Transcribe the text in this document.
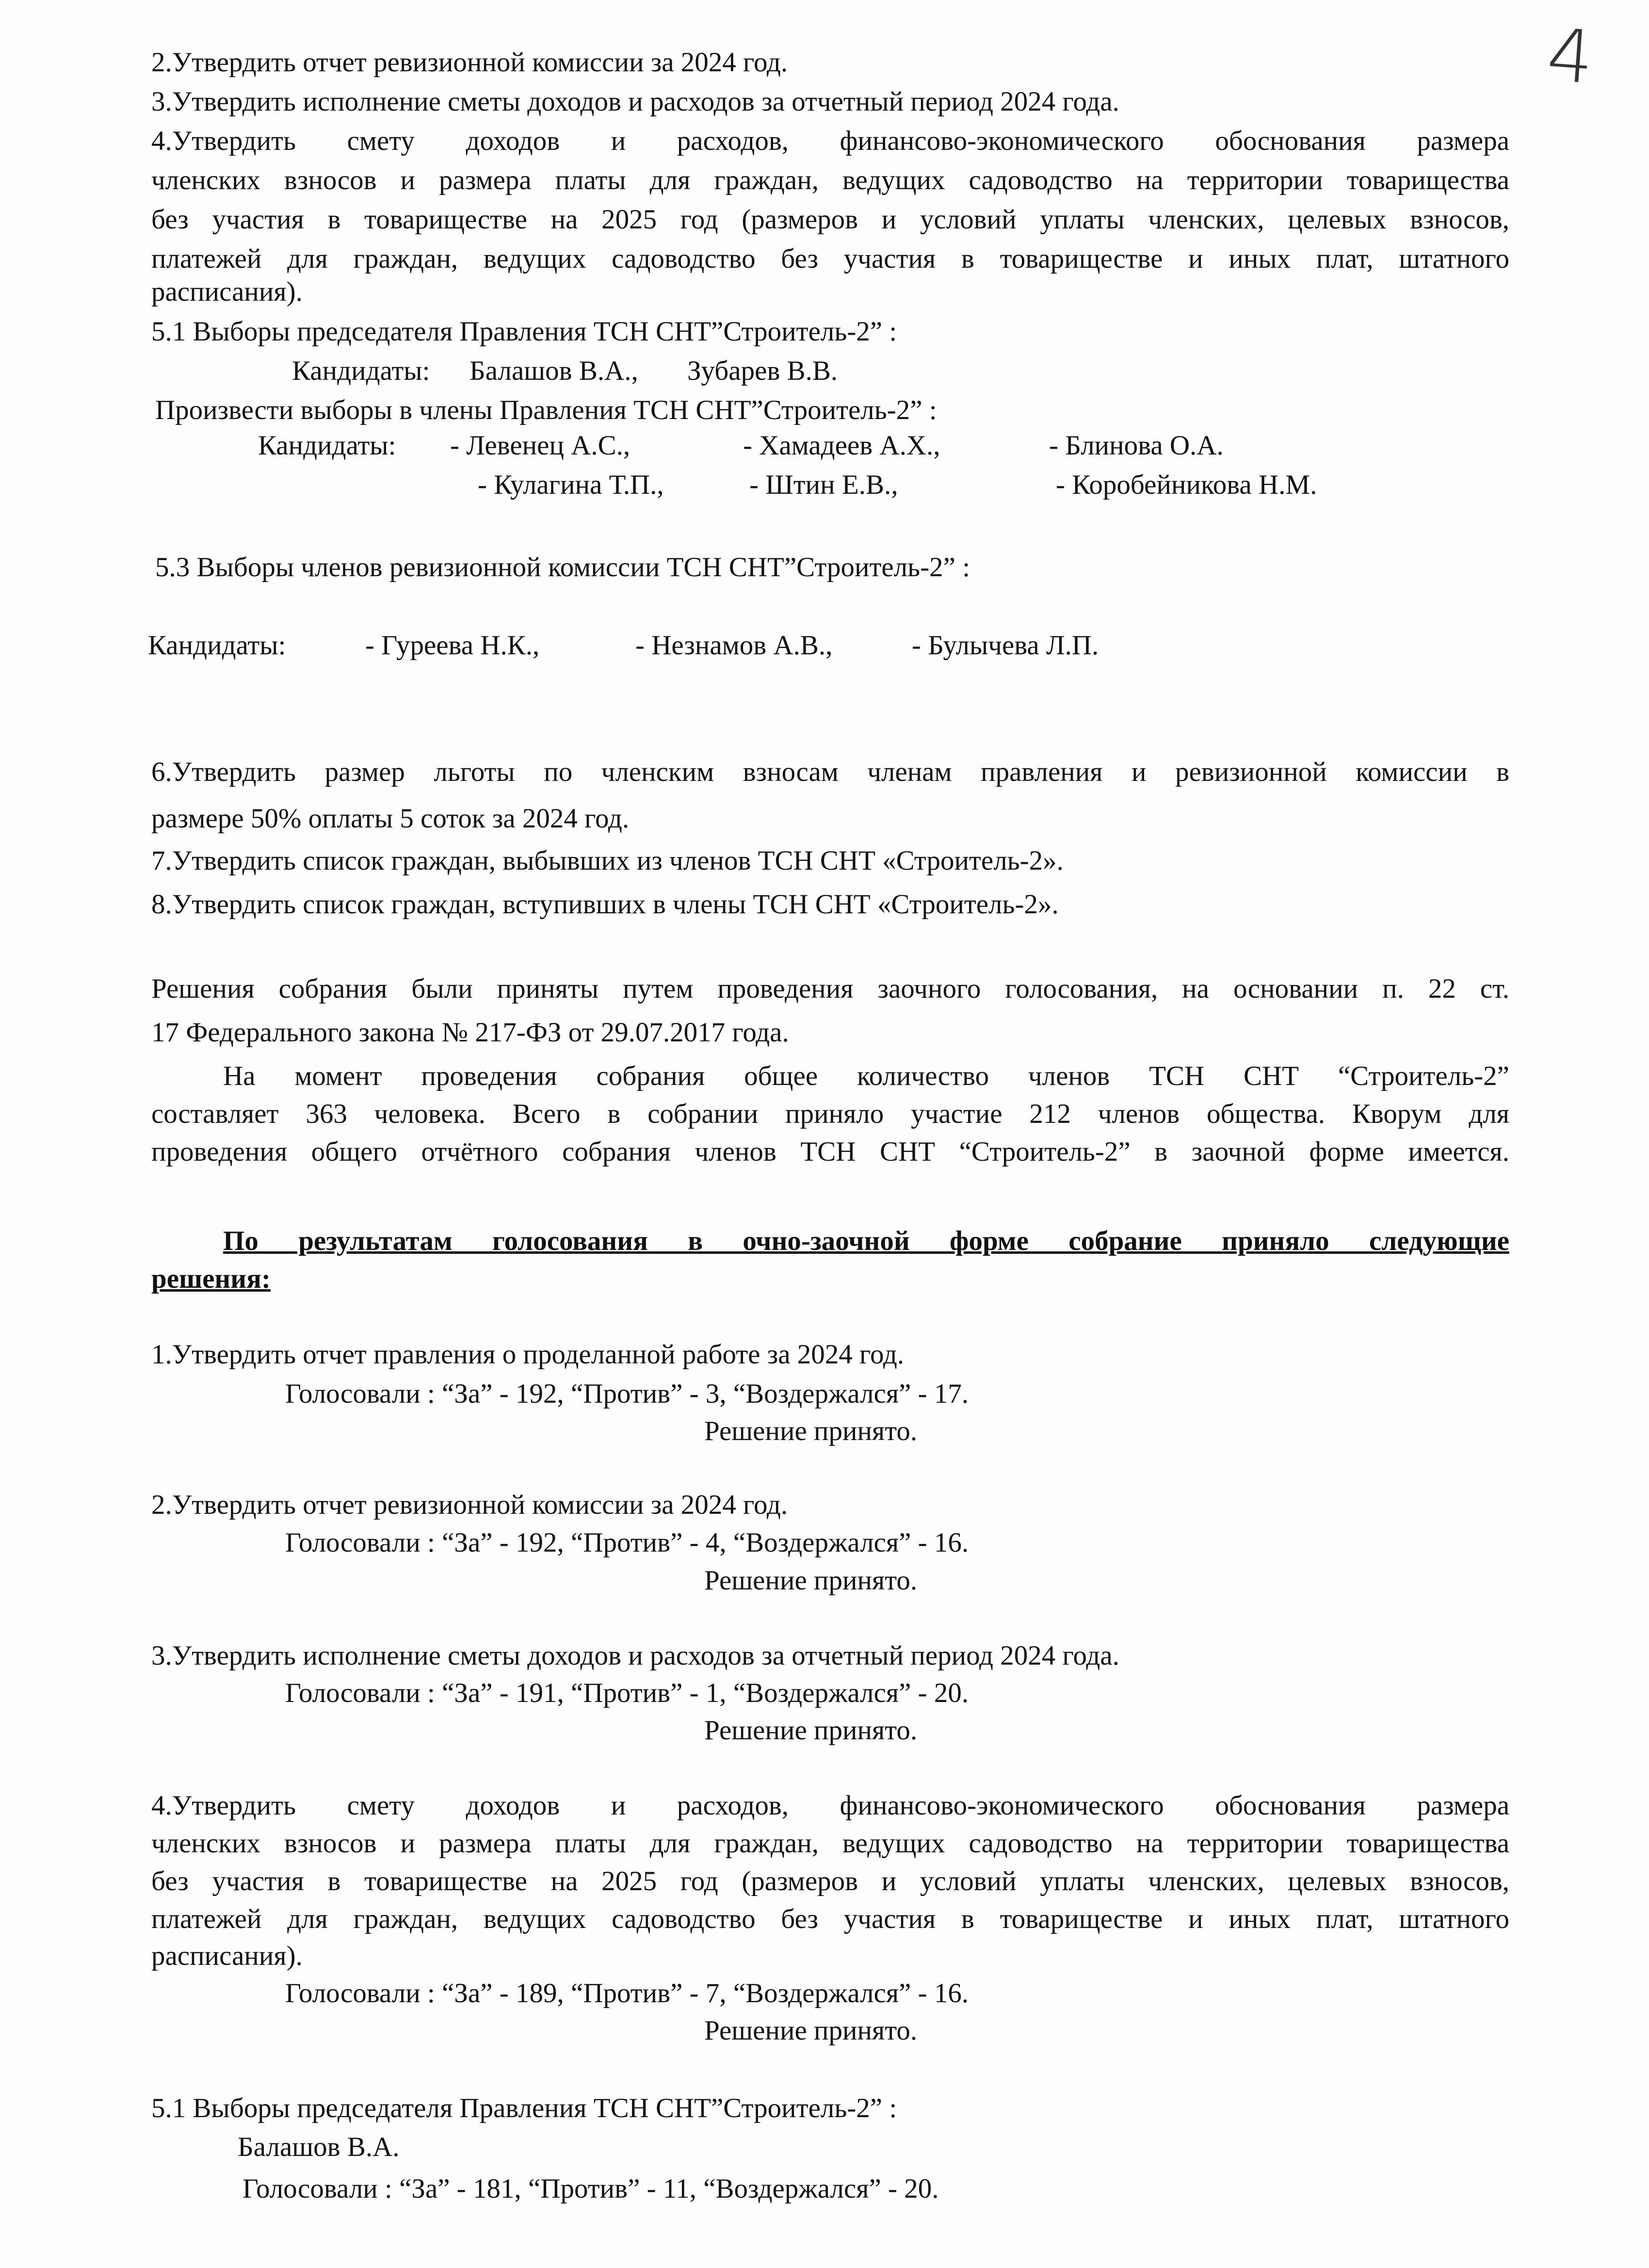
4
2.Утвердить отчет ревизионной комиссии за 2024 год.
3.Утвердить исполнение сметы доходов и расходов за отчетный период 2024 года.
4.Утвердить смету доходов и расходов, финансово-экономического обоснования размера
членских взносов и размера платы для граждан, ведущих садоводство на территории товарищества
без участия в товариществе на 2025 год (размеров и условий уплаты членских, целевых взносов,
платежей для граждан, ведущих садоводство без участия в товариществе и иных плат, штатного
расписания).
5.1 Выборы председателя Правления ТСН СНТ”Строитель-2” :
Кандидаты: Балашов В.А., Зубарев В.В.
Произвести выборы в члены Правления ТСН СНТ”Строитель-2” :
Кандидаты: - Левенец А.С.,	- Хамадеев А.Х.,	- Блинова О.А.
- Кулагина Т.П.,	- Штин Е.В.,	- Коробейникова Н.М.
5.3 Выборы членов ревизионной комиссии ТСН СНТ”Строитель-2” :
Кандидаты:	- Гуреева Н.К.,	- Незнамов А.В.,	- Булычева Л.П.
6.Утвердить размер льготы по членским взносам членам правления и ревизионной комиссии в
размере 50% оплаты 5 соток за 2024 год.
7.Утвердить список граждан, выбывших из членов ТСН СНТ «Строитель-2».
8.Утвердить список граждан, вступивших в члены ТСН СНТ «Строитель-2».
Решения собрания были приняты путем проведения заочного голосования, на основании п. 22 ст.
17 Федерального закона № 217-ФЗ от 29.07.2017 года.
На момент проведения собрания общее количество членов ТСН СНТ “Строитель-2”
составляет 363 человека. Всего в собрании приняло участие 212 членов общества. Кворум для
проведения общего отчётного собрания членов ТСН СНТ “Строитель-2” в заочной форме имеется.
По результатам голосования в очно-заочной форме собрание приняло следующие
решения:
1.Утвердить отчет правления о проделанной работе за 2024 год.
Голосовали : “За” - 192, “Против” - 3, “Воздержался” - 17.
Решение принято.
2.Утвердить отчет ревизионной комиссии за 2024 год.
Голосовали : “За” - 192, “Против” - 4, “Воздержался” - 16.
Решение принято.
3.Утвердить исполнение сметы доходов и расходов за отчетный период 2024 года.
Голосовали : “За” - 191, “Против” - 1, “Воздержался” - 20.
Решение принято.
4.Утвердить смету доходов и расходов, финансово-экономического обоснования размера
членских взносов и размера платы для граждан, ведущих садоводство на территории товарищества
без участия в товариществе на 2025 год (размеров и условий уплаты членских, целевых взносов,
платежей для граждан, ведущих садоводство без участия в товариществе и иных плат, штатного
расписания).
Голосовали : “За” - 189, “Против” - 7, “Воздержался” - 16.
Решение принято.
5.1 Выборы председателя Правления ТСН СНТ”Строитель-2” :
Балашов В.А.
Голосовали : “За” - 181, “Против” - 11, “Воздержался” - 20.
